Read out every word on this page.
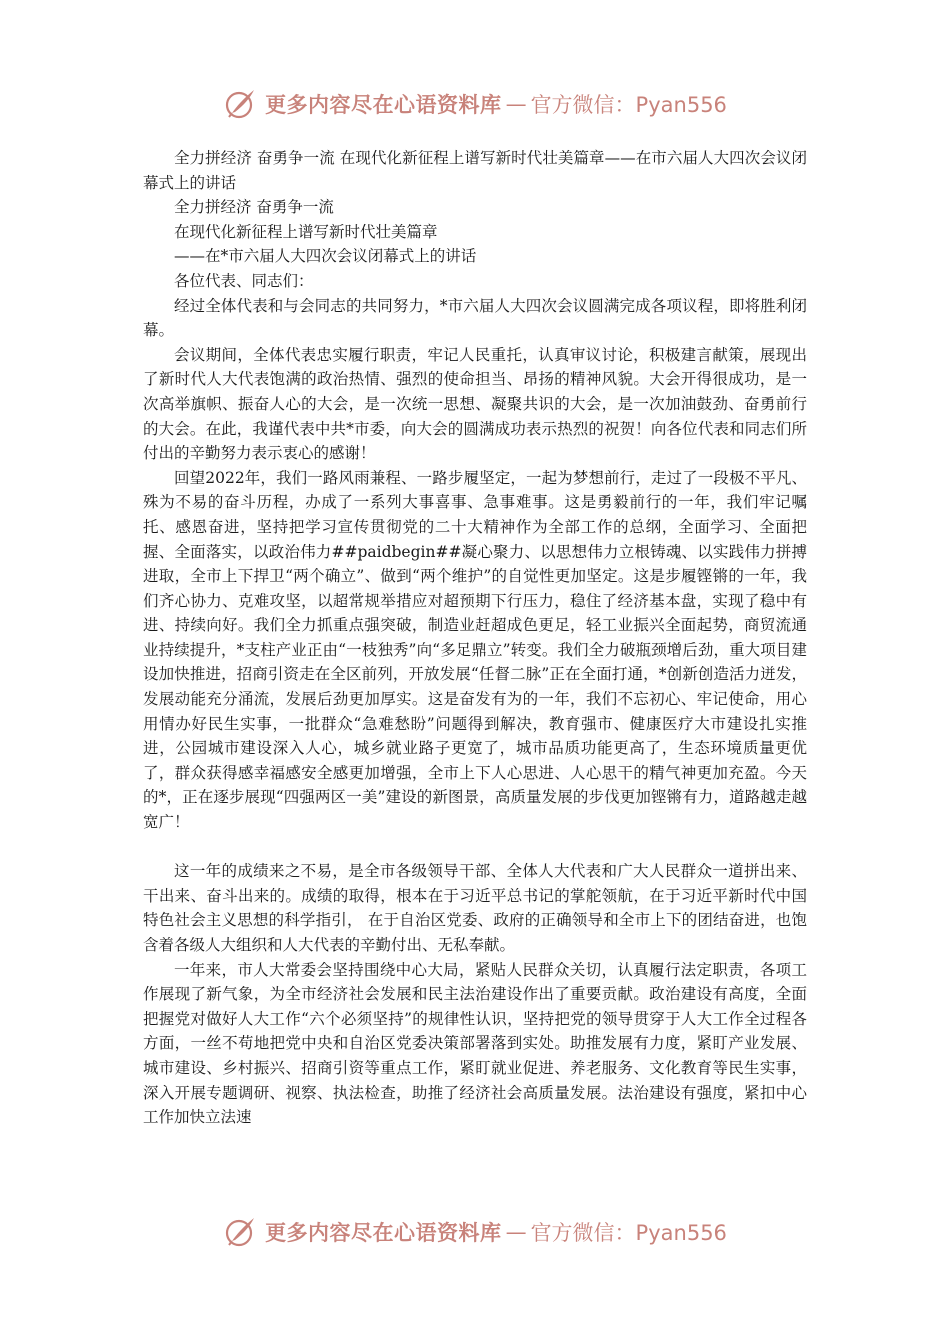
更多内容尽在心语资料库 — 官方微信：Pyan556

全力拼经济 奋勇争一流 在现代化新征程上谱写新时代壮美篇章——在市六届人大四次会议闭幕式上的讲话

全力拼经济 奋勇争一流

在现代化新征程上谱写新时代壮美篇章

——在*市六届人大四次会议闭幕式上的讲话

各位代表、同志们：

经过全体代表和与会同志的共同努力，*市六届人大四次会议圆满完成各项议程，即将胜利闭幕。

会议期间，全体代表忠实履行职责，牢记人民重托，认真审议讨论，积极建言献策，展现出了新时代人大代表饱满的政治热情、强烈的使命担当、昂扬的精神风貌。大会开得很成功，是一次高举旗帜、振奋人心的大会，是一次统一思想、凝聚共识的大会，是一次加油鼓劲、奋勇前行的大会。在此，我谨代表中共*市委，向大会的圆满成功表示热烈的祝贺！向各位代表和同志们所付出的辛勤努力表示衷心的感谢！

回望2022年，我们一路风雨兼程、一路步履坚定，一起为梦想前行，走过了一段极不平凡、殊为不易的奋斗历程，办成了一系列大事喜事、急事难事。这是勇毅前行的一年，我们牢记嘱托、感恩奋进，坚持把学习宣传贯彻党的二十大精神作为全部工作的总纲，全面学习、全面把握、全面落实，以政治伟力##paidbegin##凝心聚力、以思想伟力立根铸魂、以实践伟力拼搏进取，全市上下捍卫“两个确立”、做到“两个维护”的自觉性更加坚定。这是步履铿锵的一年，我们齐心协力、克难攻坚，以超常规举措应对超预期下行压力，稳住了经济基本盘，实现了稳中有进、持续向好。我们全力抓重点强突破，制造业赶超成色更足，轻工业振兴全面起势，商贸流通业持续提升，*支柱产业正由“一枝独秀”向“多足鼎立”转变。我们全力破瓶颈增后劲，重大项目建设加快推进，招商引资走在全区前列，开放发展“任督二脉”正在全面打通，*创新创造活力迸发，发展动能充分涌流，发展后劲更加厚实。这是奋发有为的一年，我们不忘初心、牢记使命，用心用情办好民生实事，一批群众“急难愁盼”问题得到解决，教育强市、健康医疗大市建设扎实推进，公园城市建设深入人心，城乡就业路子更宽了，城市品质功能更高了，生态环境质量更优了，群众获得感幸福感安全感更加增强，全市上下人心思进、人心思干的精气神更加充盈。今天的*，正在逐步展现“四强两区一美”建设的新图景，高质量发展的步伐更加铿锵有力，道路越走越宽广！

这一年的成绩来之不易，是全市各级领导干部、全体人大代表和广大人民群众一道拼出来、干出来、奋斗出来的。成绩的取得，根本在于习近平总书记的掌舵领航，在于习近平新时代中国特色社会主义思想的科学指引， 在于自治区党委、政府的正确领导和全市上下的团结奋进，也饱含着各级人大组织和人大代表的辛勤付出、无私奉献。

一年来，市人大常委会坚持围绕中心大局，紧贴人民群众关切，认真履行法定职责，各项工作展现了新气象，为全市经济社会发展和民主法治建设作出了重要贡献。政治建设有高度，全面把握党对做好人大工作“六个必须坚持”的规律性认识，坚持把党的领导贯穿于人大工作全过程各方面，一丝不苟地把党中央和自治区党委决策部署落到实处。助推发展有力度，紧盯产业发展、城市建设、乡村振兴、招商引资等重点工作，紧盯就业促进、养老服务、文化教育等民生实事，深入开展专题调研、视察、执法检查，助推了经济社会高质量发展。法治建设有强度，紧扣中心工作加快立法速

更多内容尽在心语资料库 — 官方微信：Pyan556
